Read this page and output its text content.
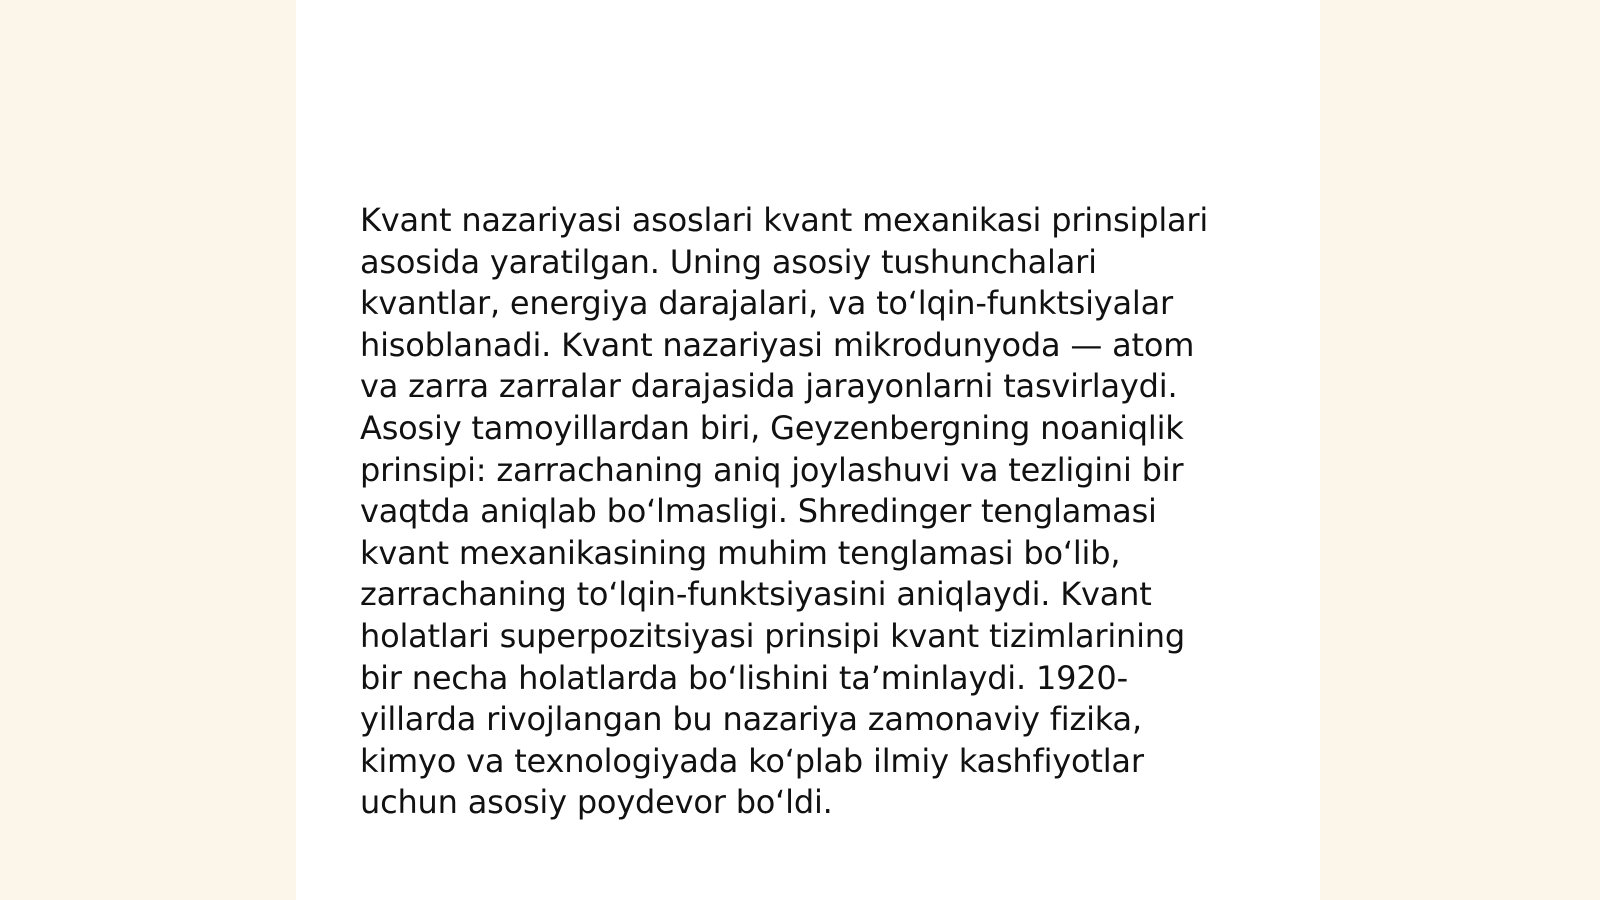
Kvant nazariyasi asoslari kvant mexanikasi prinsiplari
asosida yaratilgan. Uning asosiy tushunchalari
kvantlar, energiya darajalari, va to‘lqin-funktsiyalar
hisoblanadi. Kvant nazariyasi mikrodunyoda — atom
va zarra zarralar darajasida jarayonlarni tasvirlaydi.
Asosiy tamoyillardan biri, Geyzenbergning noaniqlik
prinsipi: zarrachaning aniq joylashuvi va tezligini bir
vaqtda aniqlab bo‘lmasligi. Shredinger tenglamasi
kvant mexanikasining muhim tenglamasi bo‘lib,
zarrachaning to‘lqin-funktsiyasini aniqlaydi. Kvant
holatlari superpozitsiyasi prinsipi kvant tizimlarining
bir necha holatlarda bo‘lishini ta’minlaydi. 1920-
yillarda rivojlangan bu nazariya zamonaviy fizika,
kimyo va texnologiyada ko‘plab ilmiy kashfiyotlar
uchun asosiy poydevor bo‘ldi.
